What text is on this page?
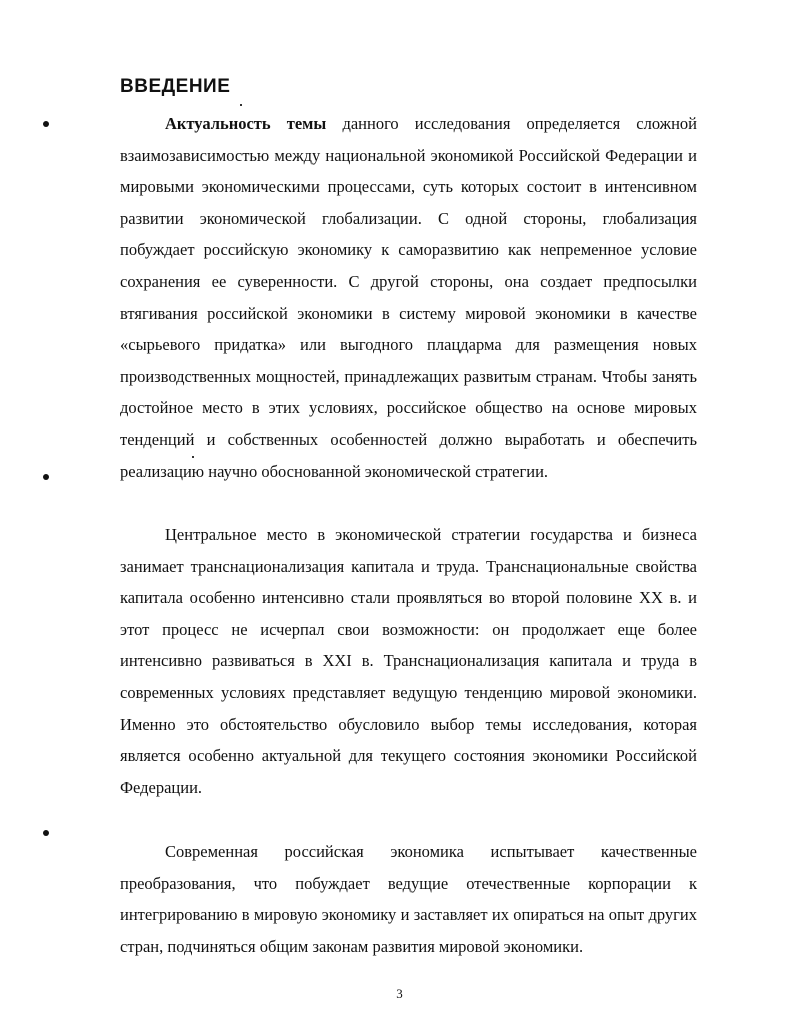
ВВЕДЕНИЕ

Актуальность темы данного исследования определяется сложной взаимозависимостью между национальной экономикой Российской Федерации и мировыми экономическими процессами, суть которых состоит в интенсивном развитии экономической глобализации. С одной стороны, глобализация побуждает российскую экономику к саморазвитию как непременное условие сохранения ее суверенности. С другой стороны, она создает предпосылки втягивания российской экономики в систему мировой экономики в качестве «сырьевого придатка» или выгодного плацдарма для размещения новых производственных мощностей, принадлежащих развитым странам. Чтобы занять достойное место в этих условиях, российское общество на основе мировых тенденций и собственных особенностей должно выработать и обеспечить реализацию научно обоснованной экономической стратегии.

Центральное место в экономической стратегии государства и бизнеса занимает транснационализация капитала и труда. Транснациональные свойства капитала особенно интенсивно стали проявляться во второй половине XX в. и этот процесс не исчерпал свои возможности: он продолжает еще более интенсивно развиваться в XXI в. Транснационализация капитала и труда в современных условиях представляет ведущую тенденцию мировой экономики. Именно это обстоятельство обусловило выбор темы исследования, которая является особенно актуальной для текущего состояния экономики Российской Федерации.

Современная российская экономика испытывает качественные преобразования, что побуждает ведущие отечественные корпорации к интегрированию в мировую экономику и заставляет их опираться на опыт других стран, подчиняться общим законам развития мировой экономики.

3
